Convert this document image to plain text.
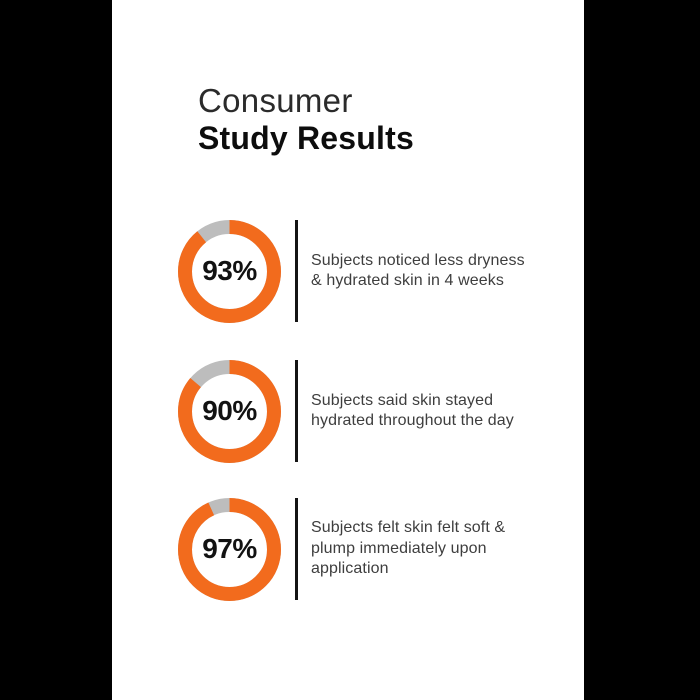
Consumer
Study Results
93%	Subjects noticed less dryness & hydrated skin in 4 weeks
90%	Subjects said skin stayed hydrated throughout the day
97%
Subjects felt skin felt soft & plump immediately upon application
